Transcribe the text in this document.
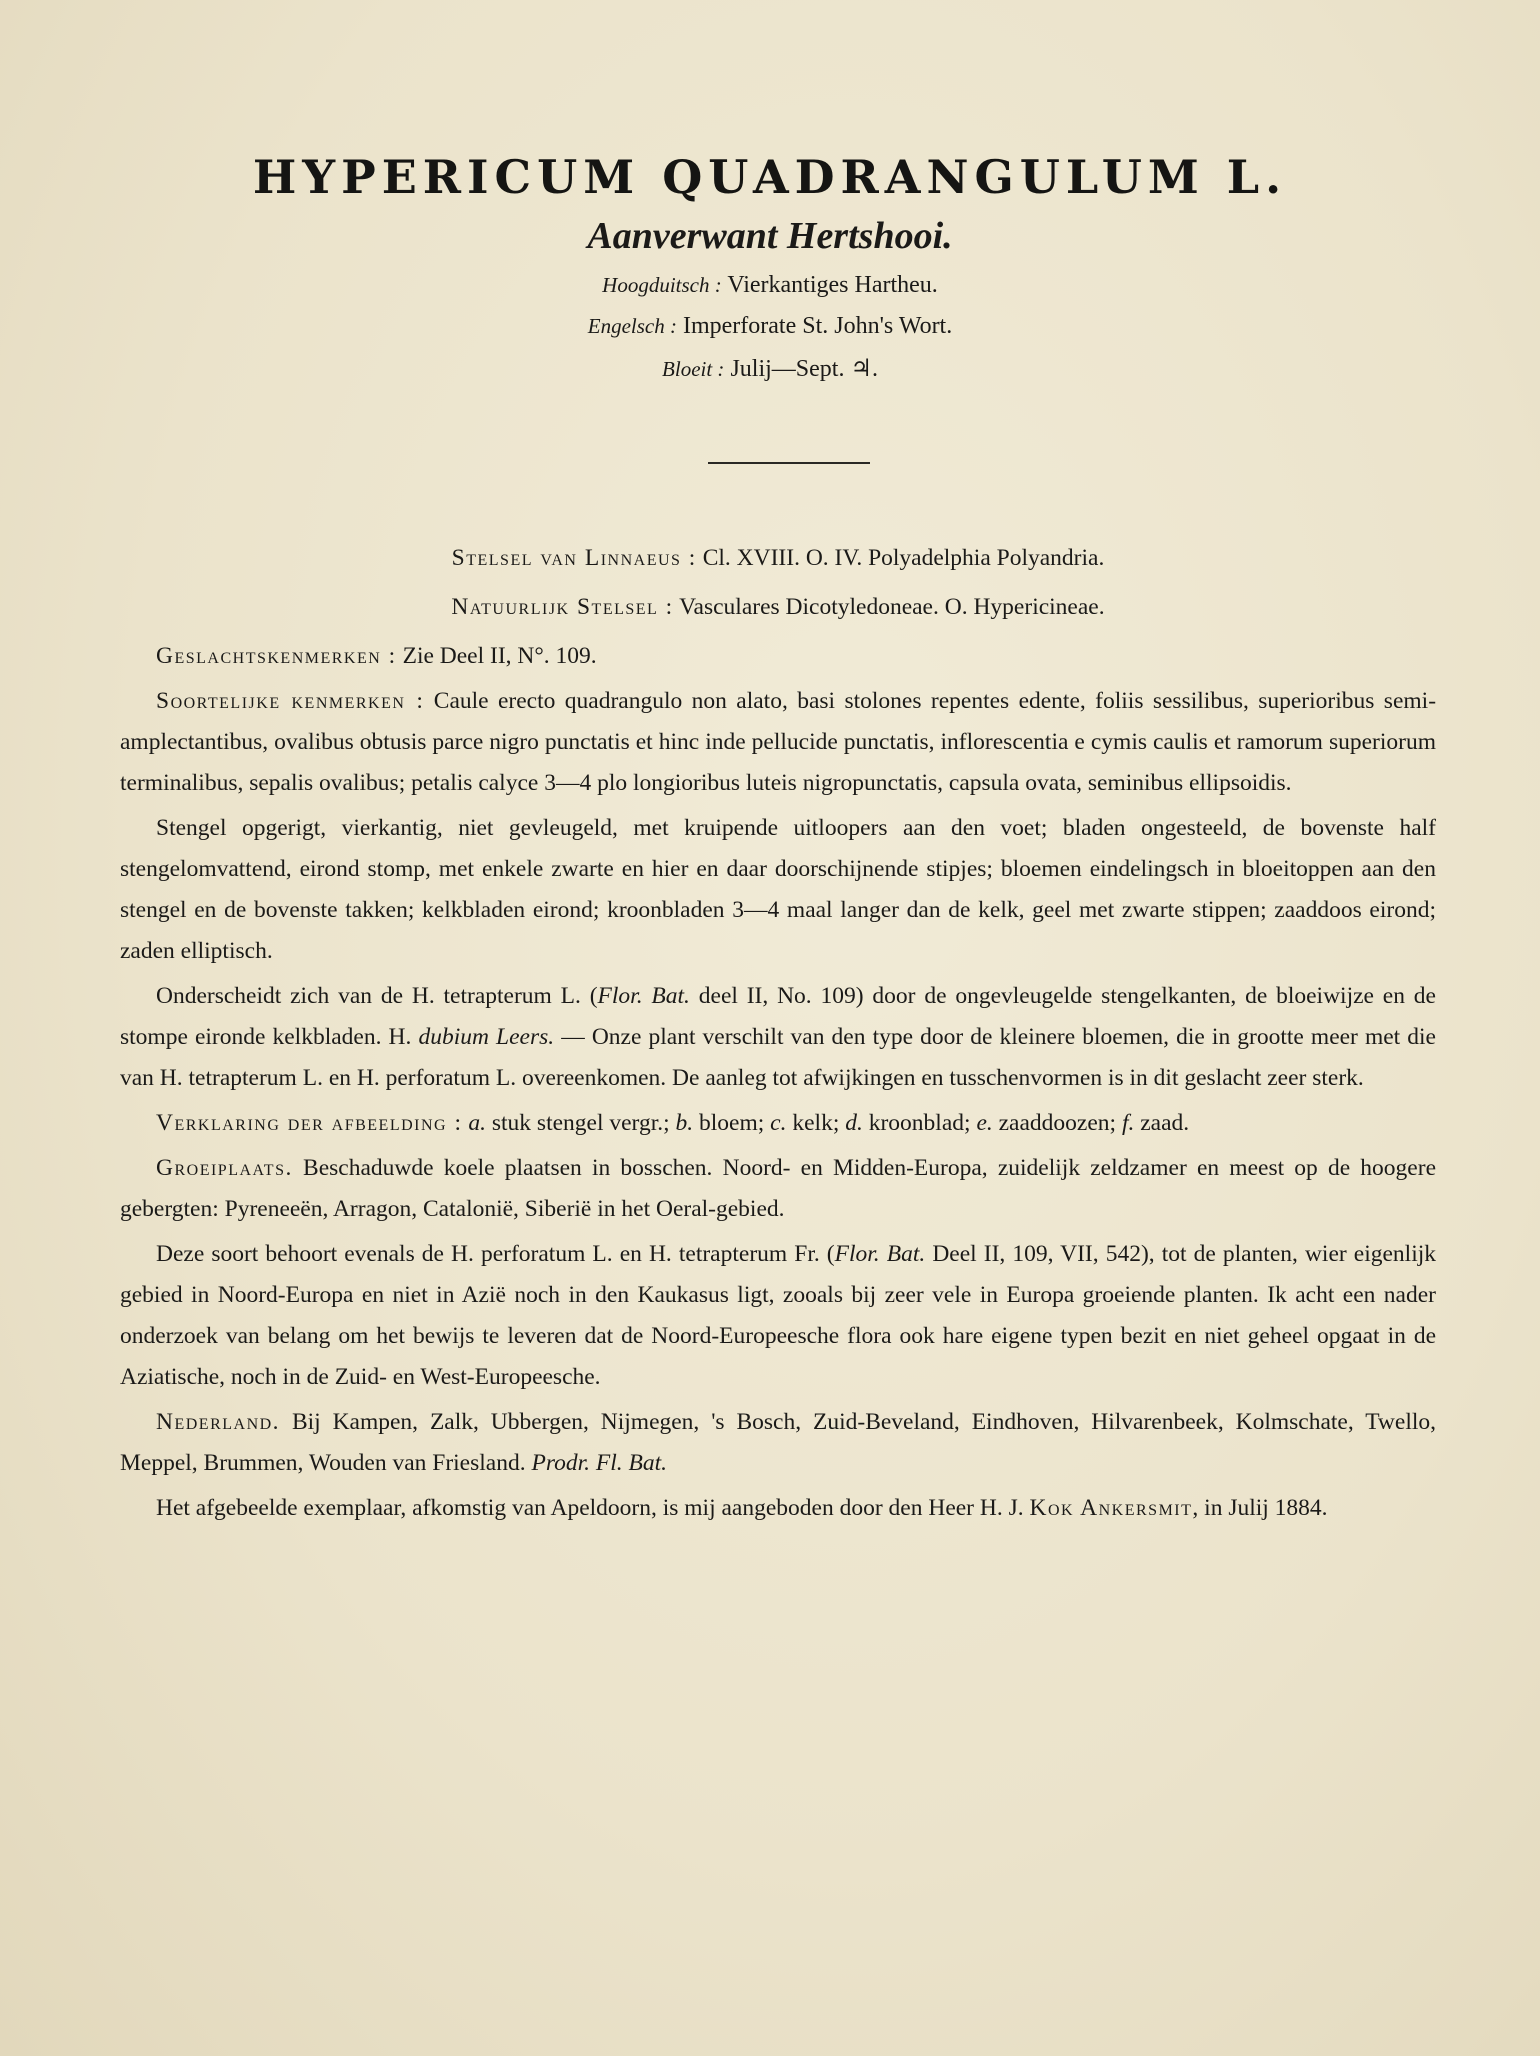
HYPERICUM QUADRANGULUM L.
Aanverwant Hertshooi.
Hoogduitsch : Vierkantiges Hartheu.
Engelsch : Imperforate St. John's Wort.
Bloeit : Julij—Sept. ♃.

Stelsel van Linnaeus : Cl. XVIII. O. IV. Polyadelphia Polyandria.

Natuurlijk Stelsel : Vasculares Dicotyledoneae. O. Hypericineae.

Geslachtskenmerken : Zie Deel II, N°. 109.

Soortelijke kenmerken : Caule erecto quadrangulo non alato, basi stolones repentes edente, foliis sessilibus, superioribus semi-amplectantibus, ovalibus obtusis parce nigro punctatis et hinc inde pellucide punctatis, inflorescentia e cymis caulis et ramorum superiorum terminalibus, sepalis ovalibus; petalis calyce 3—4 plo longioribus luteis nigropunctatis, capsula ovata, seminibus ellipsoidis.

Stengel opgerigt, vierkantig, niet gevleugeld, met kruipende uitloopers aan den voet; bladen ongesteeld, de bovenste half stengelomvattend, eirond stomp, met enkele zwarte en hier en daar doorschijnende stipjes; bloemen eindelingsch in bloeitoppen aan den stengel en de bovenste takken; kelkbladen eirond; kroonbladen 3—4 maal langer dan de kelk, geel met zwarte stippen; zaaddoos eirond; zaden elliptisch.

Onderscheidt zich van de H. tetrapterum L. (Flor. Bat. deel II, No. 109) door de ongevleugelde stengelkanten, de bloeiwijze en de stompe eironde kelkbladen. H. dubium Leers. — Onze plant verschilt van den type door de kleinere bloemen, die in grootte meer met die van H. tetrapterum L. en H. perforatum L. overeenkomen. De aanleg tot afwijkingen en tusschenvormen is in dit geslacht zeer sterk.

Verklaring der afbeelding : a. stuk stengel vergr.; b. bloem; c. kelk; d. kroonblad; e. zaaddoozen; f. zaad.

Groeiplaats. Beschaduwde koele plaatsen in bosschen. Noord- en Midden-Europa, zuidelijk zeldzamer en meest op de hoogere gebergten: Pyreneeën, Arragon, Catalonië, Siberië in het Oeral-gebied.

Deze soort behoort evenals de H. perforatum L. en H. tetrapterum Fr. (Flor. Bat. Deel II, 109, VII, 542), tot de planten, wier eigenlijk gebied in Noord-Europa en niet in Azië noch in den Kaukasus ligt, zooals bij zeer vele in Europa groeiende planten. Ik acht een nader onderzoek van belang om het bewijs te leveren dat de Noord-Europeesche flora ook hare eigene typen bezit en niet geheel opgaat in de Aziatische, noch in de Zuid- en West-Europeesche.

Nederland. Bij Kampen, Zalk, Ubbergen, Nijmegen, 's Bosch, Zuid-Beveland, Eindhoven, Hilvarenbeek, Kolmschate, Twello, Meppel, Brummen, Wouden van Friesland. Prodr. Fl. Bat.

Het afgebeelde exemplaar, afkomstig van Apeldoorn, is mij aangeboden door den Heer H. J. Kok Ankersmit, in Julij 1884.
